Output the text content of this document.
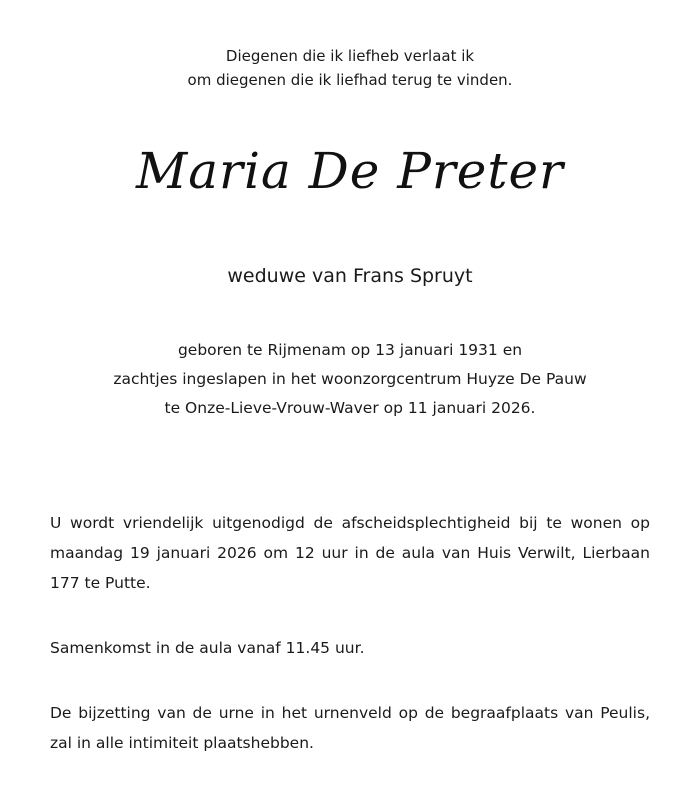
Diegenen die ik liefheb verlaat ik
om diegenen die ik liefhad terug te vinden.
Maria De Preter
weduwe van Frans Spruyt
geboren te Rijmenam op 13 januari 1931 en
zachtjes ingeslapen in het woonzorgcentrum Huyze De Pauw
te Onze-Lieve-Vrouw-Waver op 11 januari 2026.
U wordt vriendelijk uitgenodigd de afscheidsplechtigheid bij te wonen op maandag 19 januari 2026 om 12 uur in de aula van Huis Verwilt, Lierbaan 177 te Putte.
Samenkomst in de aula vanaf 11.45 uur.
De bijzetting van de urne in het urnenveld op de begraafplaats van Peulis, zal in alle intimiteit plaatshebben.
